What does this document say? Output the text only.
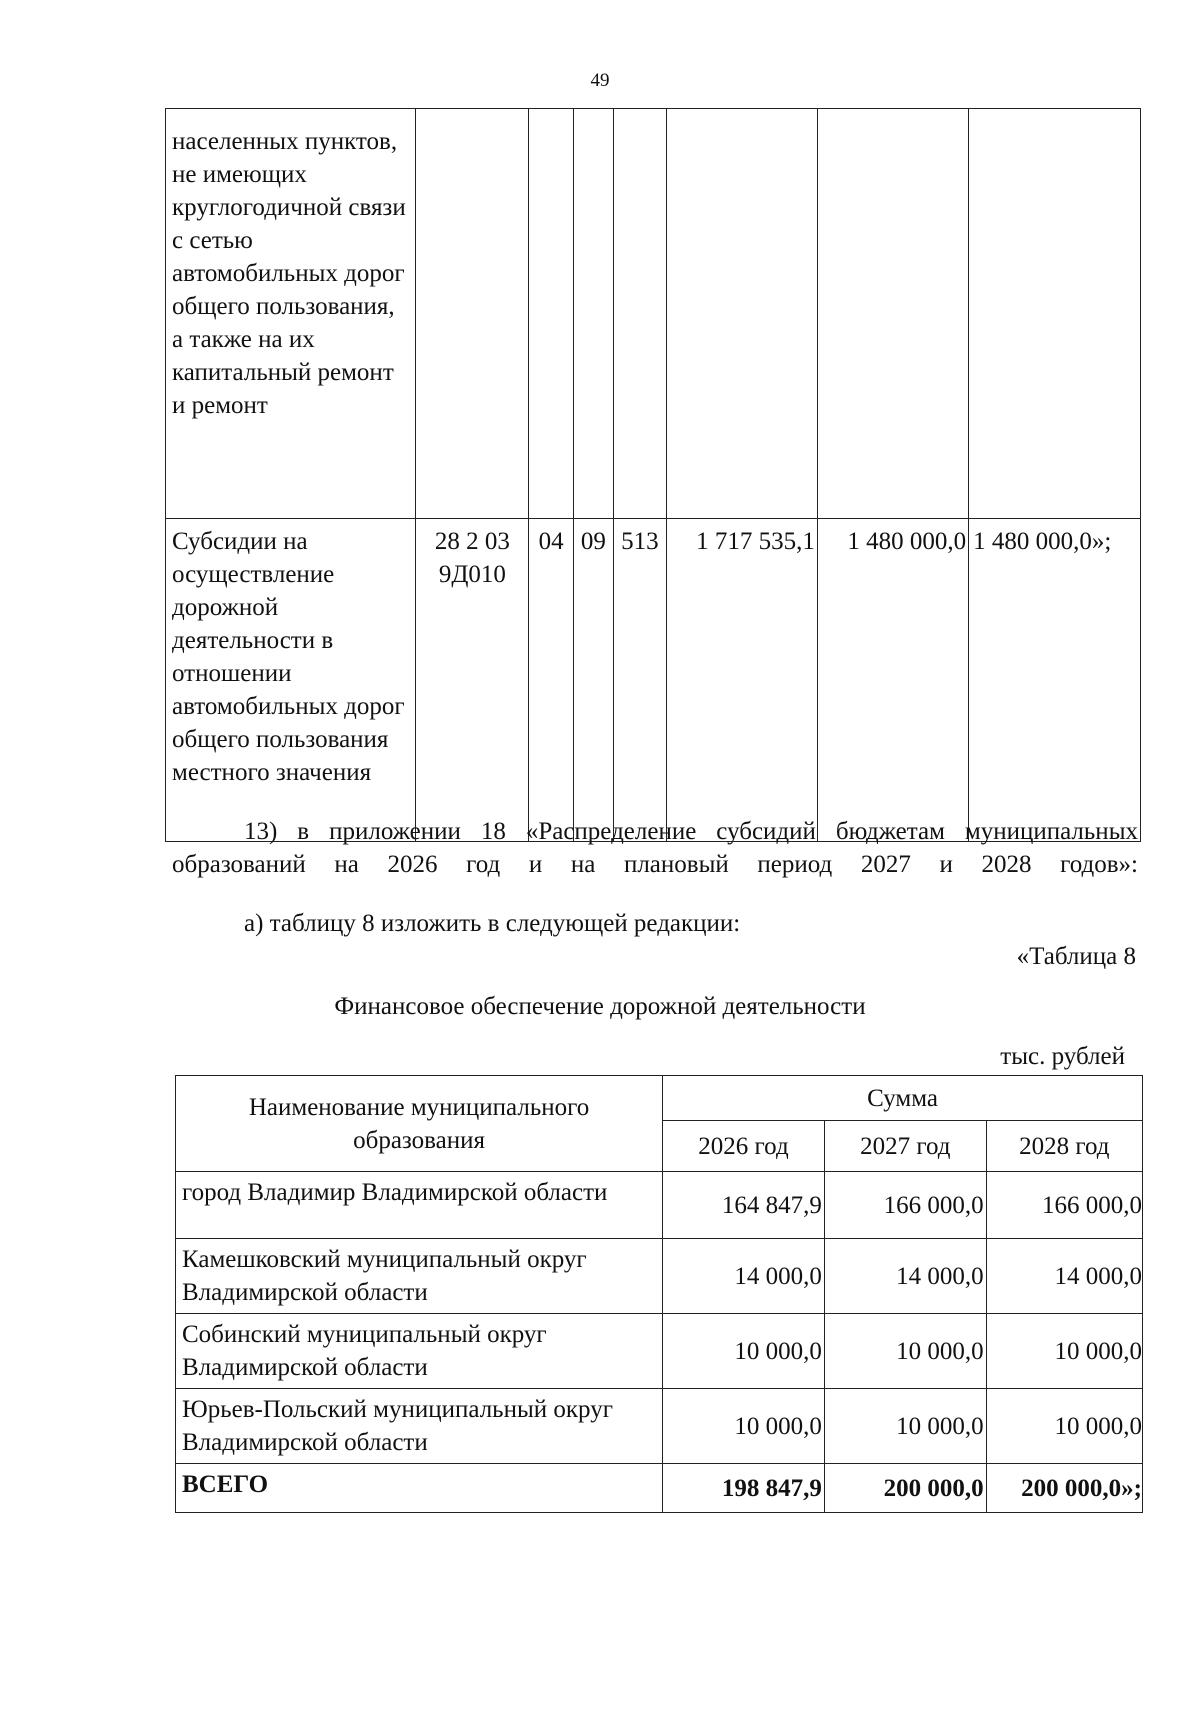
49
населенных пунктов, не имеющих круглогодичной связи с сетью автомобильных дорог общего пользования, а также на их капитальный ремонт и ремонт							
Субсидии на осуществление дорожной деятельности в отношении автомобильных дорог общего пользования местного значения	28 2 03 9Д010	04	09	513	1 717 535,1	1 480 000,0	1 480 000,0»;
13) в приложении 18 «Распределение субсидий бюджетам муниципальных образований на 2026 год и на плановый период 2027 и 2028 годов»:
а) таблицу 8 изложить в следующей редакции:
«Таблица 8
Финансовое обеспечение дорожной деятельности
тыс. рублей
Наименование муниципального образования	Сумма		
	2026 год	2027 год	2028 год
город Владимир Владимирской области	164 847,9	166 000,0	166 000,0
Камешковский муниципальный округ Владимирской области	14 000,0	14 000,0	14 000,0
Собинский муниципальный округ Владимирской области	10 000,0	10 000,0	10 000,0
Юрьев-Польский муниципальный округ Владимирской области	10 000,0	10 000,0	10 000,0
ВСЕГО	198 847,9	200 000,0	200 000,0»;
